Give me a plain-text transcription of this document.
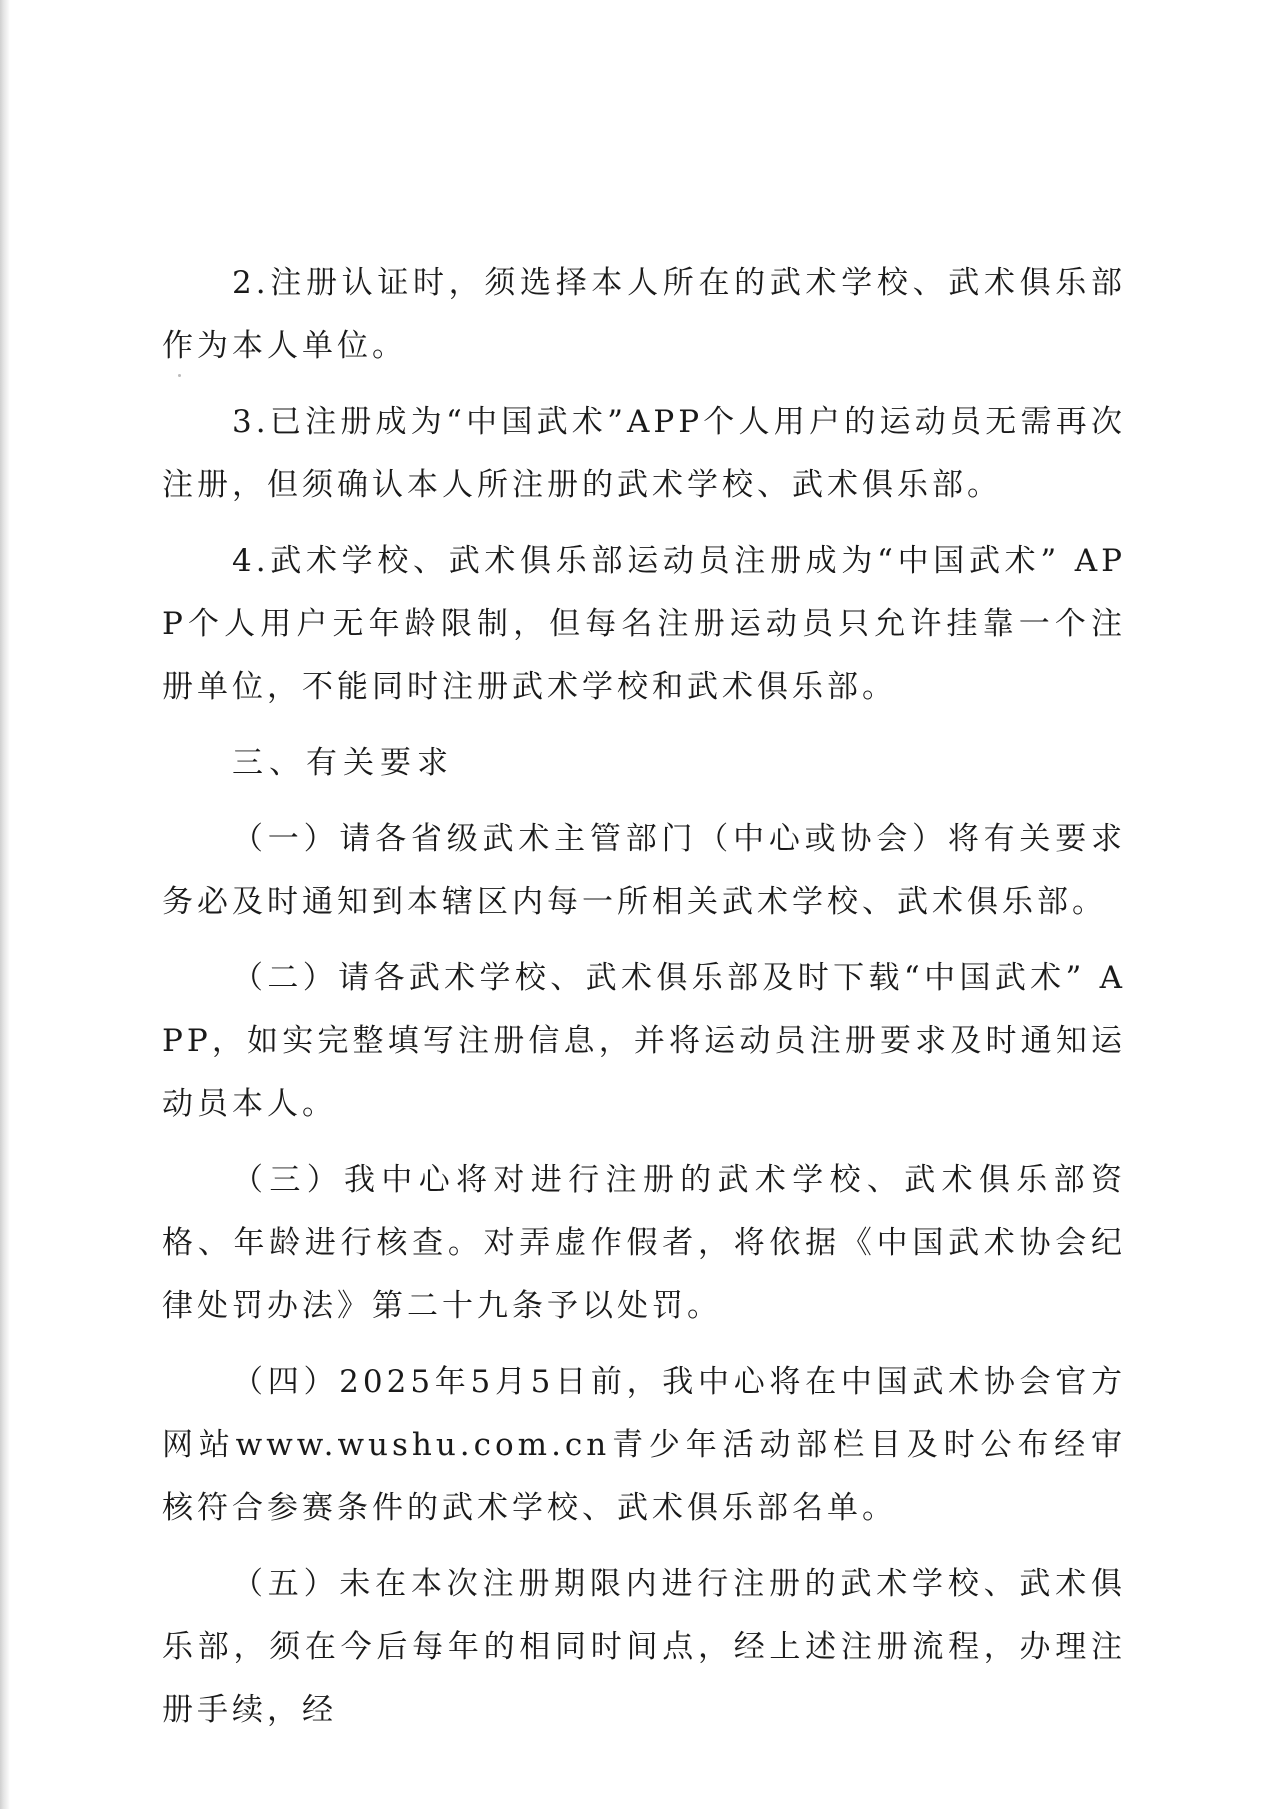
2.注册认证时，须选择本人所在的武术学校、武术俱乐部作为本人单位。

3.已注册成为“中国武术”APP个人用户的运动员无需再次注册，但须确认本人所注册的武术学校、武术俱乐部。

4.武术学校、武术俱乐部运动员注册成为“中国武术” APP个人用户无年龄限制，但每名注册运动员只允许挂靠一个注册单位，不能同时注册武术学校和武术俱乐部。

三、有关要求

（一）请各省级武术主管部门（中心或协会）将有关要求务必及时通知到本辖区内每一所相关武术学校、武术俱乐部。

（二）请各武术学校、武术俱乐部及时下载“中国武术” APP，如实完整填写注册信息，并将运动员注册要求及时通知运动员本人。

（三）我中心将对进行注册的武术学校、武术俱乐部资格、年龄进行核查。对弄虚作假者，将依据《中国武术协会纪律处罚办法》第二十九条予以处罚。

（四）2025年5月5日前，我中心将在中国武术协会官方网站www.wushu.com.cn青少年活动部栏目及时公布经审核符合参赛条件的武术学校、武术俱乐部名单。

（五）未在本次注册期限内进行注册的武术学校、武术俱乐部，须在今后每年的相同时间点，经上述注册流程，办理注册手续，经
